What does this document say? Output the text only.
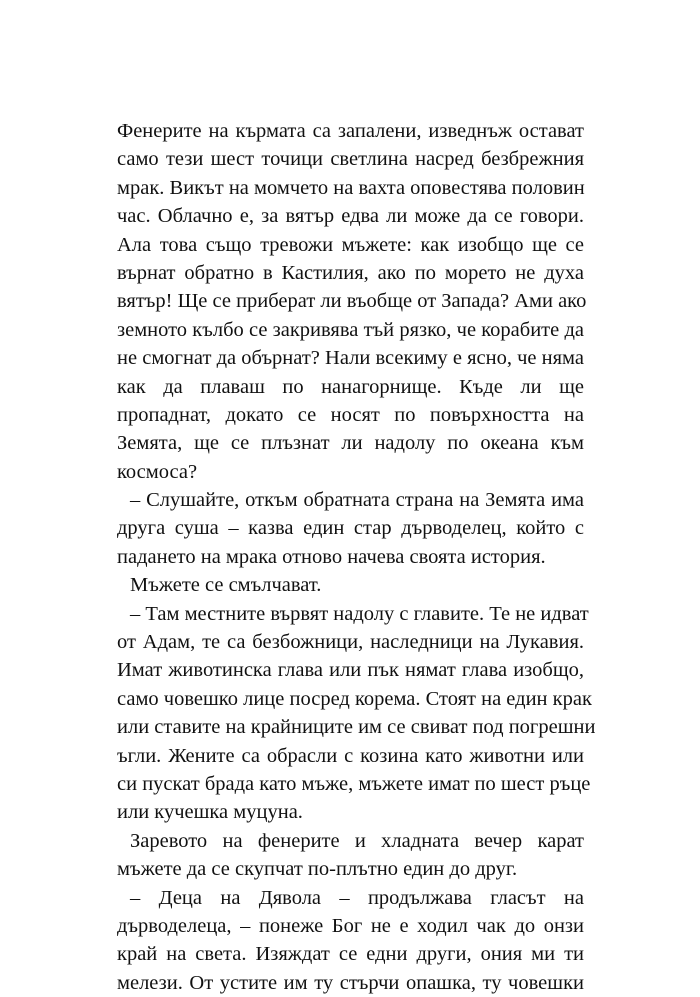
Фенерите на кърмата са запалени, изведнъж остават
само тези шест точици светлина насред безбрежния
мрак. Викът на момчето на вахта оповестява половин
час. Облачно е, за вятър едва ли може да се говори.
Ала това също тревожи мъжете: как изобщо ще се
върнат обратно в Кастилия, ако по морето не духа
вятър! Ще се приберат ли въобще от Запада? Ами ако
земното кълбо се закривява тъй рязко, че корабите да
не смогнат да обърнат? Нали всекиму е ясно, че няма
как да плаваш по нанагорнище. Къде ли ще
пропаднат, докато се носят по повърхността на
Земята, ще се плъзнат ли надолу по океана към
космоса?
– Слушайте, откъм обратната страна на Земята има
друга суша – казва един стар дърводелец, който с
падането на мрака отново начева своята история.
Мъжете се смълчават.
– Там местните вървят надолу с главите. Те не идват
от Адам, те са безбожници, наследници на Лукавия.
Имат животинска глава или пък нямат глава изобщо,
само човешко лице посред корема. Стоят на един крак
или ставите на крайниците им се свиват под погрешни
ъгли. Жените са обрасли с козина като животни или
си пускат брада като мъже, мъжете имат по шест ръце
или кучешка муцуна.
Заревото на фенерите и хладната вечер карат
мъжете да се скупчат по-плътно един до друг.
– Деца на Дявола – продължава гласът на
дърводелеца, – понеже Бог не е ходил чак до онзи
край на света. Изяждат се едни други, ония ми ти
мелези. От устите им ту стърчи опашка, ту човешки
